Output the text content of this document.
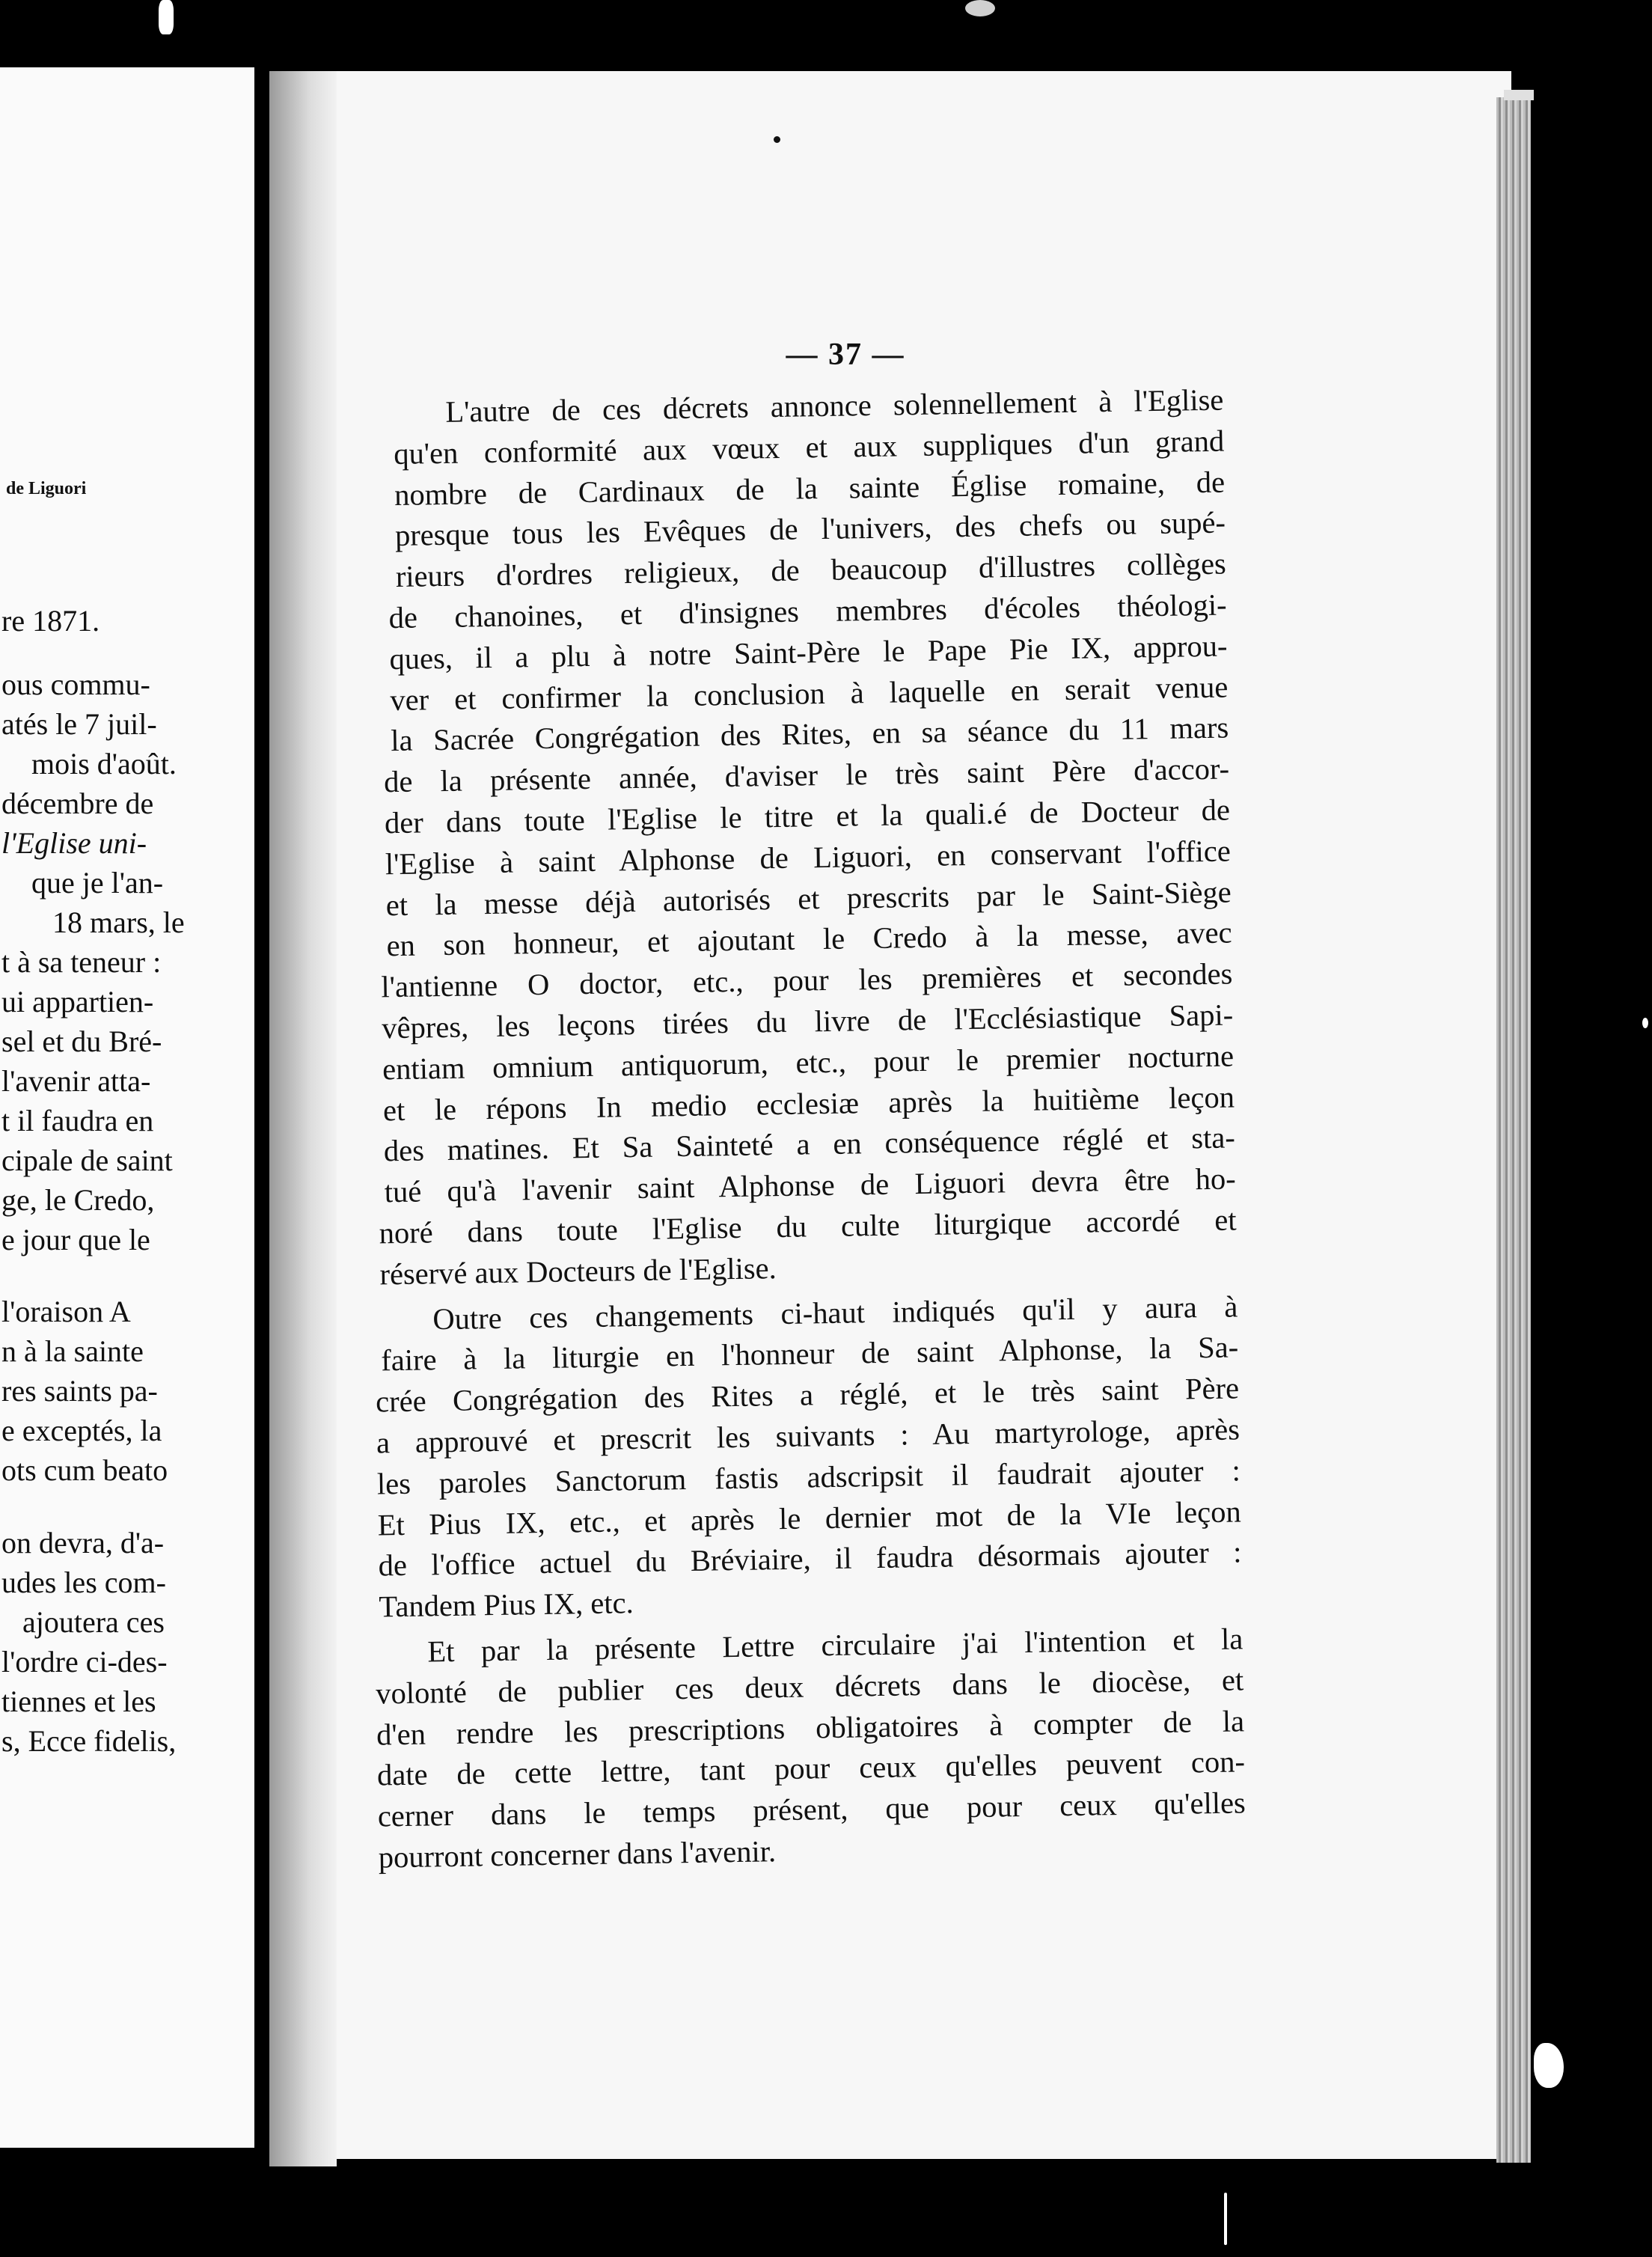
de Liguori
re 1871.
ous commu-
atés le 7 juil-
mois d'août.
décembre de
l'Eglise uni-
que je l'an-
18 mars, le
t à sa teneur :
ui appartien-
sel et du Bré-
l'avenir atta-
t il faudra en
cipale de saint
ge, le Credo,
e jour que le
l'oraison A
n à la sainte
res saints pa-
e exceptés, la
ots cum beato
on devra, d'a-
udes les com-
ajoutera ces
l'ordre ci-des-
tiennes et les
s, Ecce fidelis,
— 37 —
L'autre de ces décrets annonce solennellement à l'Eglise
qu'en conformité aux vœux et aux suppliques d'un grand
nombre de Cardinaux de la sainte Église romaine, de
presque tous les Evêques de l'univers, des chefs ou supé-
rieurs d'ordres religieux, de beaucoup d'illustres collèges
de chanoines, et d'insignes membres d'écoles théologi-
ques, il a plu à notre Saint-Père le Pape Pie IX, approu-
ver et confirmer la conclusion à laquelle en serait venue
la Sacrée Congrégation des Rites, en sa séance du 11 mars
de la présente année, d'aviser le très saint Père d'accor-
der dans toute l'Eglise le titre et la quali.é de Docteur de
l'Eglise à saint Alphonse de Liguori, en conservant l'office
et la messe déjà autorisés et prescrits par le Saint-Siège
en son honneur, et ajoutant le Credo à la messe, avec
l'antienne O doctor, etc., pour les premières et secondes
vêpres, les leçons tirées du livre de l'Ecclésiastique Sapi-
entiam omnium antiquorum, etc., pour le premier nocturne
et le répons In medio ecclesiæ après la huitième leçon
des matines. Et Sa Sainteté a en conséquence réglé et sta-
tué qu'à l'avenir saint Alphonse de Liguori devra être ho-
noré dans toute l'Eglise du culte liturgique accordé et
réservé aux Docteurs de l'Eglise.
Outre ces changements ci-haut indiqués qu'il y aura à
faire à la liturgie en l'honneur de saint Alphonse, la Sa-
crée Congrégation des Rites a réglé, et le très saint Père
a approuvé et prescrit les suivants : Au martyrologe, après
les paroles Sanctorum fastis adscripsit il faudrait ajouter :
Et Pius IX, etc., et après le dernier mot de la VIe leçon
de l'office actuel du Bréviaire, il faudra désormais ajouter :
Tandem Pius IX, etc.
Et par la présente Lettre circulaire j'ai l'intention et la
volonté de publier ces deux décrets dans le diocèse, et
d'en rendre les prescriptions obligatoires à compter de la
date de cette lettre, tant pour ceux qu'elles peuvent con-
cerner dans le temps présent, que pour ceux qu'elles
pourront concerner dans l'avenir.
